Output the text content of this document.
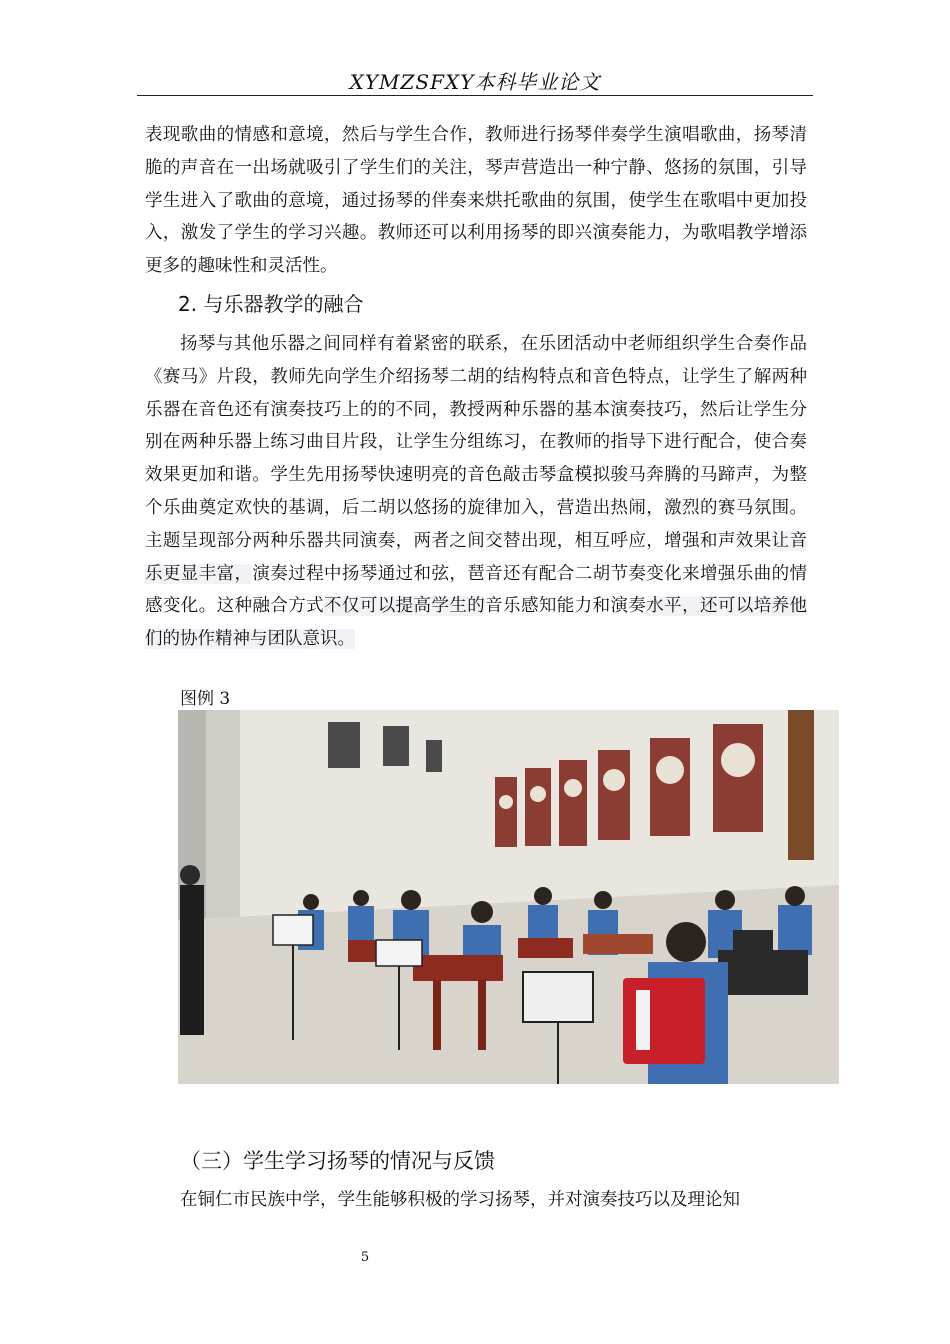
XYMZSFXY本科毕业论文
表现歌曲的情感和意境，然后与学生合作，教师进行扬琴伴奏学生演唱歌曲，扬琴清脆的声音在一出场就吸引了学生们的关注，琴声营造出一种宁静、悠扬的氛围，引导学生进入了歌曲的意境，通过扬琴的伴奏来烘托歌曲的氛围，使学生在歌唱中更加投入，激发了学生的学习兴趣。教师还可以利用扬琴的即兴演奏能力，为歌唱教学增添更多的趣味性和灵活性。
2. 与乐器教学的融合
扬琴与其他乐器之间同样有着紧密的联系，在乐团活动中老师组织学生合奏作品《赛马》片段，教师先向学生介绍扬琴二胡的结构特点和音色特点，让学生了解两种乐器在音色还有演奏技巧上的的不同，教授两种乐器的基本演奏技巧，然后让学生分别在两种乐器上练习曲目片段，让学生分组练习，在教师的指导下进行配合，使合奏效果更加和谐。学生先用扬琴快速明亮的音色敲击琴盒模拟骏马奔腾的马蹄声，为整个乐曲奠定欢快的基调，后二胡以悠扬的旋律加入，营造出热闹，激烈的赛马氛围。主题呈现部分两种乐器共同演奏，两者之间交替出现，相互呼应，增强和声效果让音乐更显丰富，演奏过程中扬琴通过和弦，琶音还有配合二胡节奏变化来增强乐曲的情感变化。这种融合方式不仅可以提高学生的音乐感知能力和演奏水平，还可以培养他们的协作精神与团队意识。
图例 3
（三）学生学习扬琴的情况与反馈
在铜仁市民族中学，学生能够积极的学习扬琴，并对演奏技巧以及理论知
5
